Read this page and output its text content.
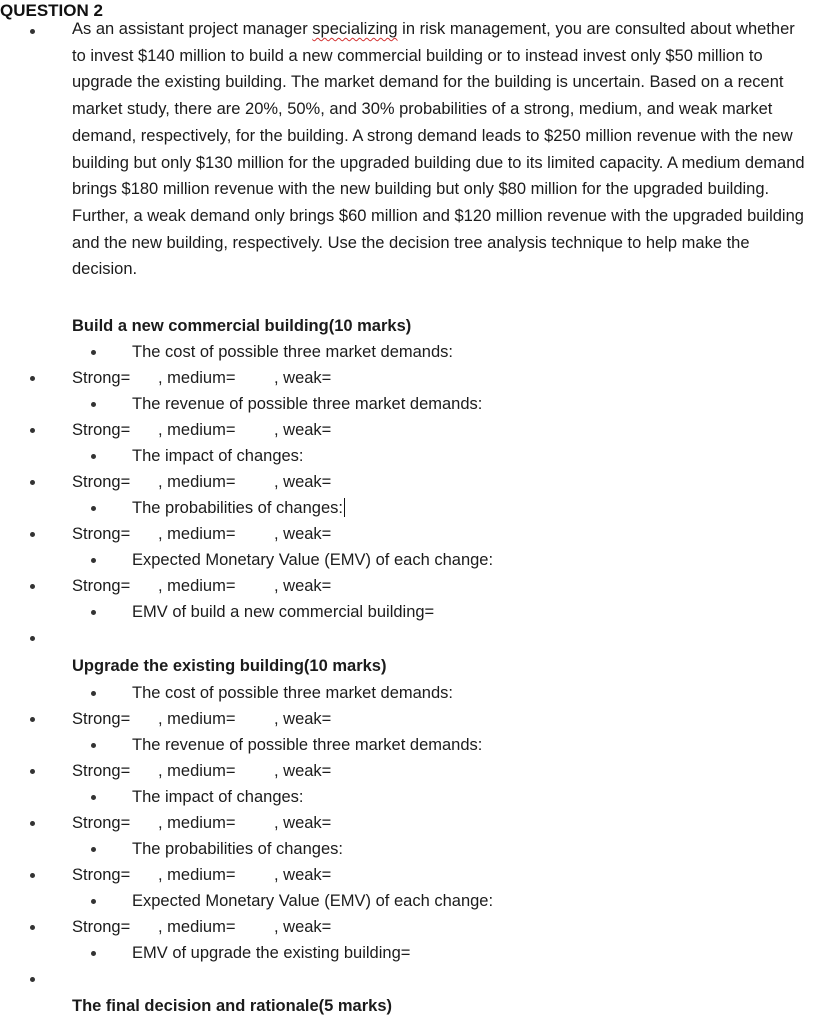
QUESTION 2
As an assistant project manager specializing in risk management, you are consulted about whether
to invest $140 million to build a new commercial building or to instead invest only $50 million to
upgrade the existing building. The market demand for the building is uncertain. Based on a recent
market study, there are 20%, 50%, and 30% probabilities of a strong, medium, and weak market
demand, respectively, for the building. A strong demand leads to $250 million revenue with the new
building but only $130 million for the upgraded building due to its limited capacity. A medium demand
brings $180 million revenue with the new building but only $80 million for the upgraded building.
Further, a weak demand only brings $60 million and $120 million revenue with the upgraded building
and the new building, respectively. Use the decision tree analysis technique to help make the
decision.
Build a new commercial building(10 marks)
The cost of possible three market demands:
Strong= , medium= , weak=
The revenue of possible three market demands:
Strong= , medium= , weak=
The impact of changes:
Strong= , medium= , weak=
The probabilities of changes:
Strong= , medium= , weak=
Expected Monetary Value (EMV) of each change:
Strong= , medium= , weak=
EMV of build a new commercial building=
Upgrade the existing building(10 marks)
The cost of possible three market demands:
Strong= , medium= , weak=
The revenue of possible three market demands:
Strong= , medium= , weak=
The impact of changes:
Strong= , medium= , weak=
The probabilities of changes:
Strong= , medium= , weak=
Expected Monetary Value (EMV) of each change:
Strong= , medium= , weak=
EMV of upgrade the existing building=
The final decision and rationale(5 marks)
